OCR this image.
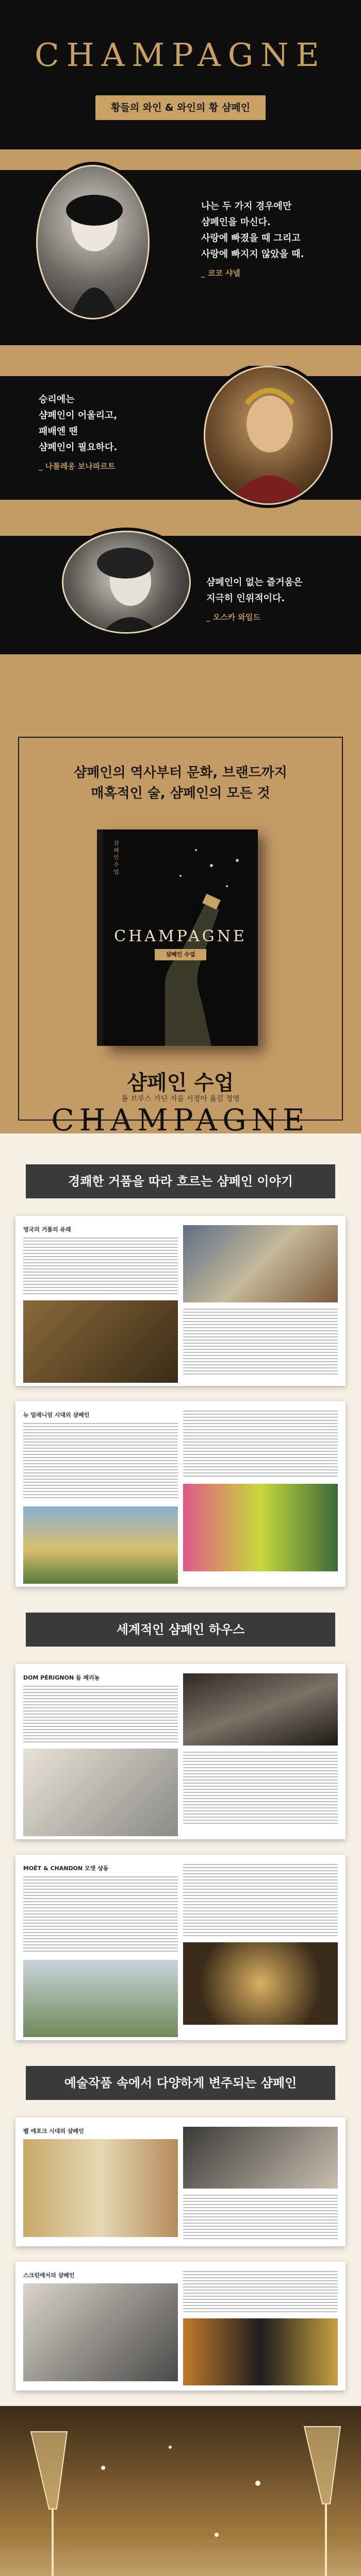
CHAMPAGNE
황들의 와인 & 와인의 황 샴페인
나는 두 가지 경우에만
샴페인을 마신다.
사랑에 빠졌을 때 그리고
사랑에 빠지지 않았을 때.
_ 코코 샤넬
승리에는
샴페인이 어울리고,
패배엔 땐
샴페인이 필요하다.
_ 나폴레옹 보나파르트
샴페인이 없는 즐거움은
지극히 인위적이다.
_ 오스카 와일드
샴페인의 역사부터 문화, 브랜드까지
매혹적인 술, 샴페인의 모든 것
샴페인 수업
CHAMPAGNE
샴페인 수업
샴페인 수업
톰 브루스 가딘 지음 서정아 옮김 정영
CHAMPAGNE
경쾌한 거품을 따라 흐르는 샴페인 이야기
영국의 거품의 유래
뉴 밀레니엄 시대의 샴페인
세계적인 샴페인 하우스
DOM PÉRIGNON 돔 페리뇽
MOËT & CHANDON 모엣 샹동
예술작품 속에서 다양하게 변주되는 샴페인
벨 에포크 시대의 샴페인
스크린에서의 샴페인
